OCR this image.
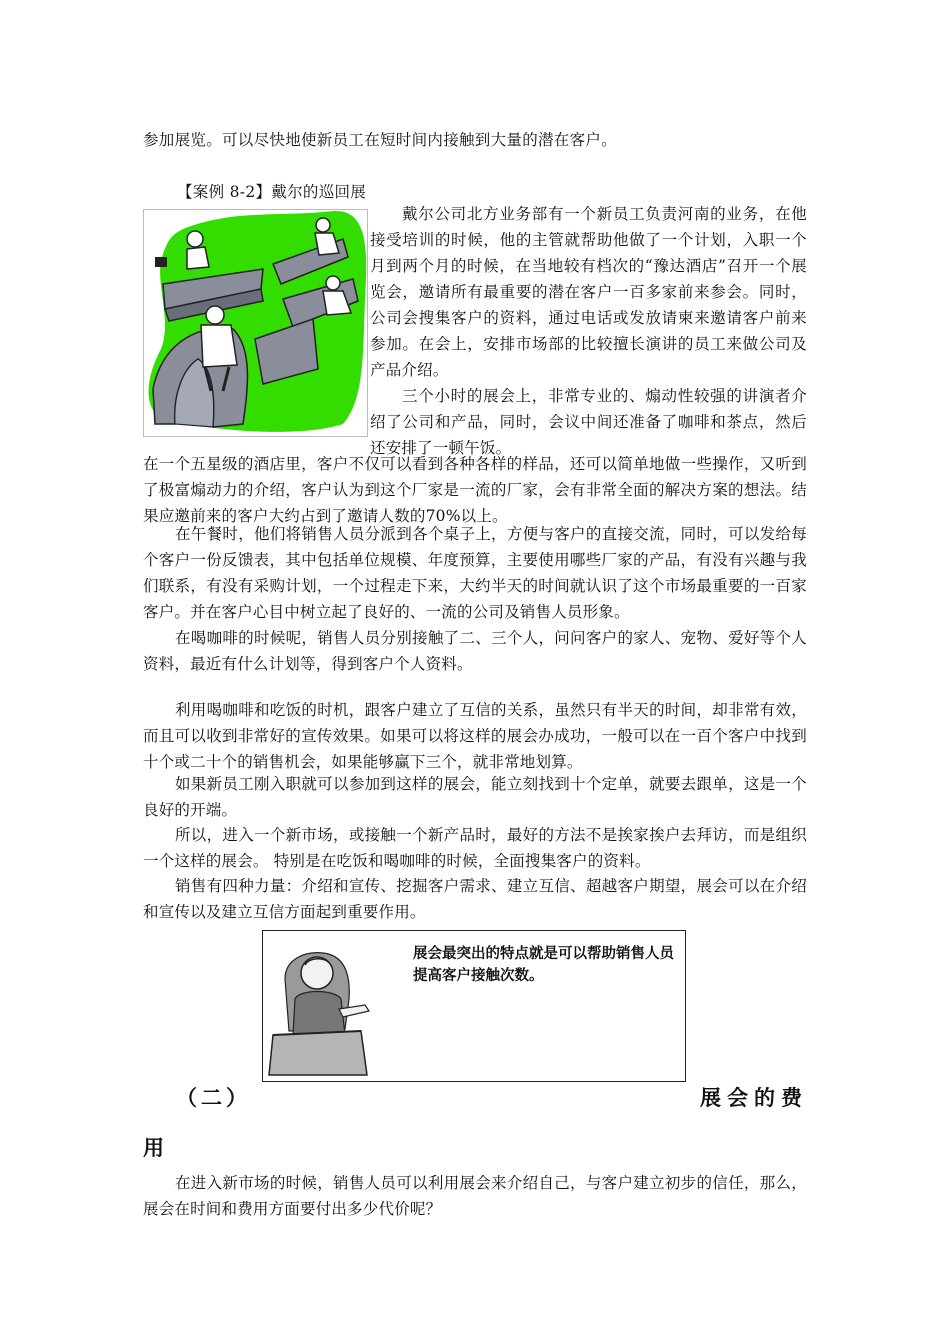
参加展览。可以尽快地使新员工在短时间内接触到大量的潜在客户。
【案例 8-2】戴尔的巡回展
戴尔公司北方业务部有一个新员工负责河南的业务，在他接受培训的时候，他的主管就帮助他做了一个计划，入职一个月到两个月的时候，在当地较有档次的“豫达酒店”召开一个展览会，邀请所有最重要的潜在客户一百多家前来参会。同时，公司会搜集客户的资料，通过电话或发放请柬来邀请客户前来参加。在会上，安排市场部的比较擅长演讲的员工来做公司及产品介绍。
三个小时的展会上，非常专业的、煽动性较强的讲演者介绍了公司和产品，同时，会议中间还准备了咖啡和茶点，然后还安排了一顿午饭。
在一个五星级的酒店里，客户不仅可以看到各种各样的样品，还可以简单地做一些操作，又听到了极富煽动力的介绍，客户认为到这个厂家是一流的厂家，会有非常全面的解决方案的想法。结果应邀前来的客户大约占到了邀请人数的70%以上。
在午餐时，他们将销售人员分派到各个桌子上，方便与客户的直接交流，同时，可以发给每个客户一份反馈表，其中包括单位规模、年度预算，主要使用哪些厂家的产品，有没有兴趣与我们联系，有没有采购计划，一个过程走下来，大约半天的时间就认识了这个市场最重要的一百家客户。并在客户心目中树立起了良好的、一流的公司及销售人员形象。
在喝咖啡的时候呢，销售人员分别接触了二、三个人，问问客户的家人、宠物、爱好等个人资料，最近有什么计划等，得到客户个人资料。
利用喝咖啡和吃饭的时机，跟客户建立了互信的关系，虽然只有半天的时间，却非常有效，而且可以收到非常好的宣传效果。如果可以将这样的展会办成功，一般可以在一百个客户中找到十个或二十个的销售机会，如果能够赢下三个，就非常地划算。
如果新员工刚入职就可以参加到这样的展会，能立刻找到十个定单，就要去跟单，这是一个良好的开端。
所以，进入一个新市场，或接触一个新产品时，最好的方法不是挨家挨户去拜访，而是组织一个这样的展会。 特别是在吃饭和喝咖啡的时候，全面搜集客户的资料。
销售有四种力量：介绍和宣传、挖掘客户需求、建立互信、超越客户期望，展会可以在介绍和宣传以及建立互信方面起到重要作用。
展会最突出的特点就是可以帮助销售人员提高客户接触次数。
（二）	展会的费
用
在进入新市场的时候，销售人员可以利用展会来介绍自己，与客户建立初步的信任，那么，展会在时间和费用方面要付出多少代价呢？
